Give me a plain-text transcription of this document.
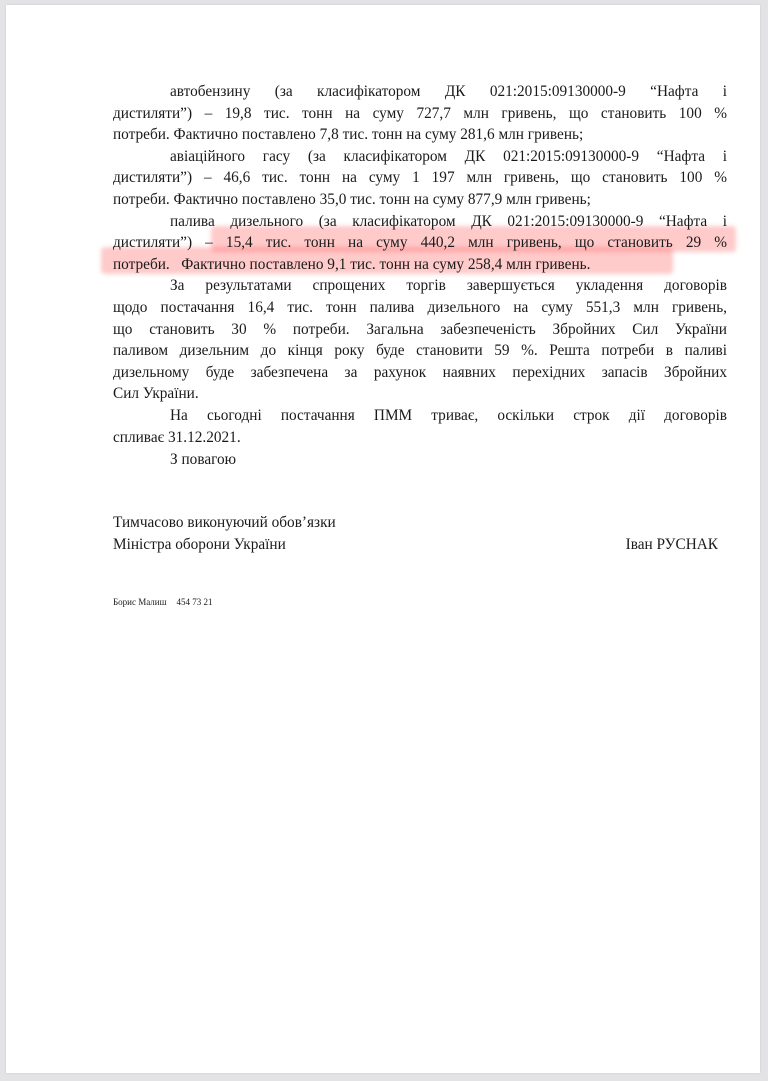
автобензину (за класифікатором ДК 021:2015:09130000-9 “Нафта і
дистиляти”) – 19,8 тис. тонн на суму 727,7 млн гривень, що становить 100 %
потреби. Фактично поставлено 7,8 тис. тонн на суму 281,6 млн гривень;
авіаційного гасу (за класифікатором ДК 021:2015:09130000-9 “Нафта і
дистиляти”) – 46,6 тис. тонн на суму 1 197 млн гривень, що становить 100 %
потреби. Фактично поставлено 35,0 тис. тонн на суму 877,9 млн гривень;
палива дизельного (за класифікатором ДК 021:2015:09130000-9 “Нафта і
дистиляти”) – 15,4 тис. тонн на суму 440,2 млн гривень, що становить 29 %
потреби.   Фактично поставлено 9,1 тис. тонн на суму 258,4 млн гривень.
За результатами спрощених торгів завершується укладення договорів
щодо постачання 16,4 тис. тонн палива дизельного на суму 551,3 млн гривень,
що становить 30 % потреби. Загальна забезпеченість Збройних Сил України
паливом дизельним до кінця року буде становити 59 %. Решта потреби в паливі
дизельному буде забезпечена за рахунок наявних перехідних запасів Збройних
Сил України.
На сьогодні постачання ПММ триває, оскільки строк дії договорів
спливає 31.12.2021.
З повагою
Тимчасово виконуючий обов’язки
Міністра оборони України	Іван РУСНАК
Борис Малиш 454 73 21
